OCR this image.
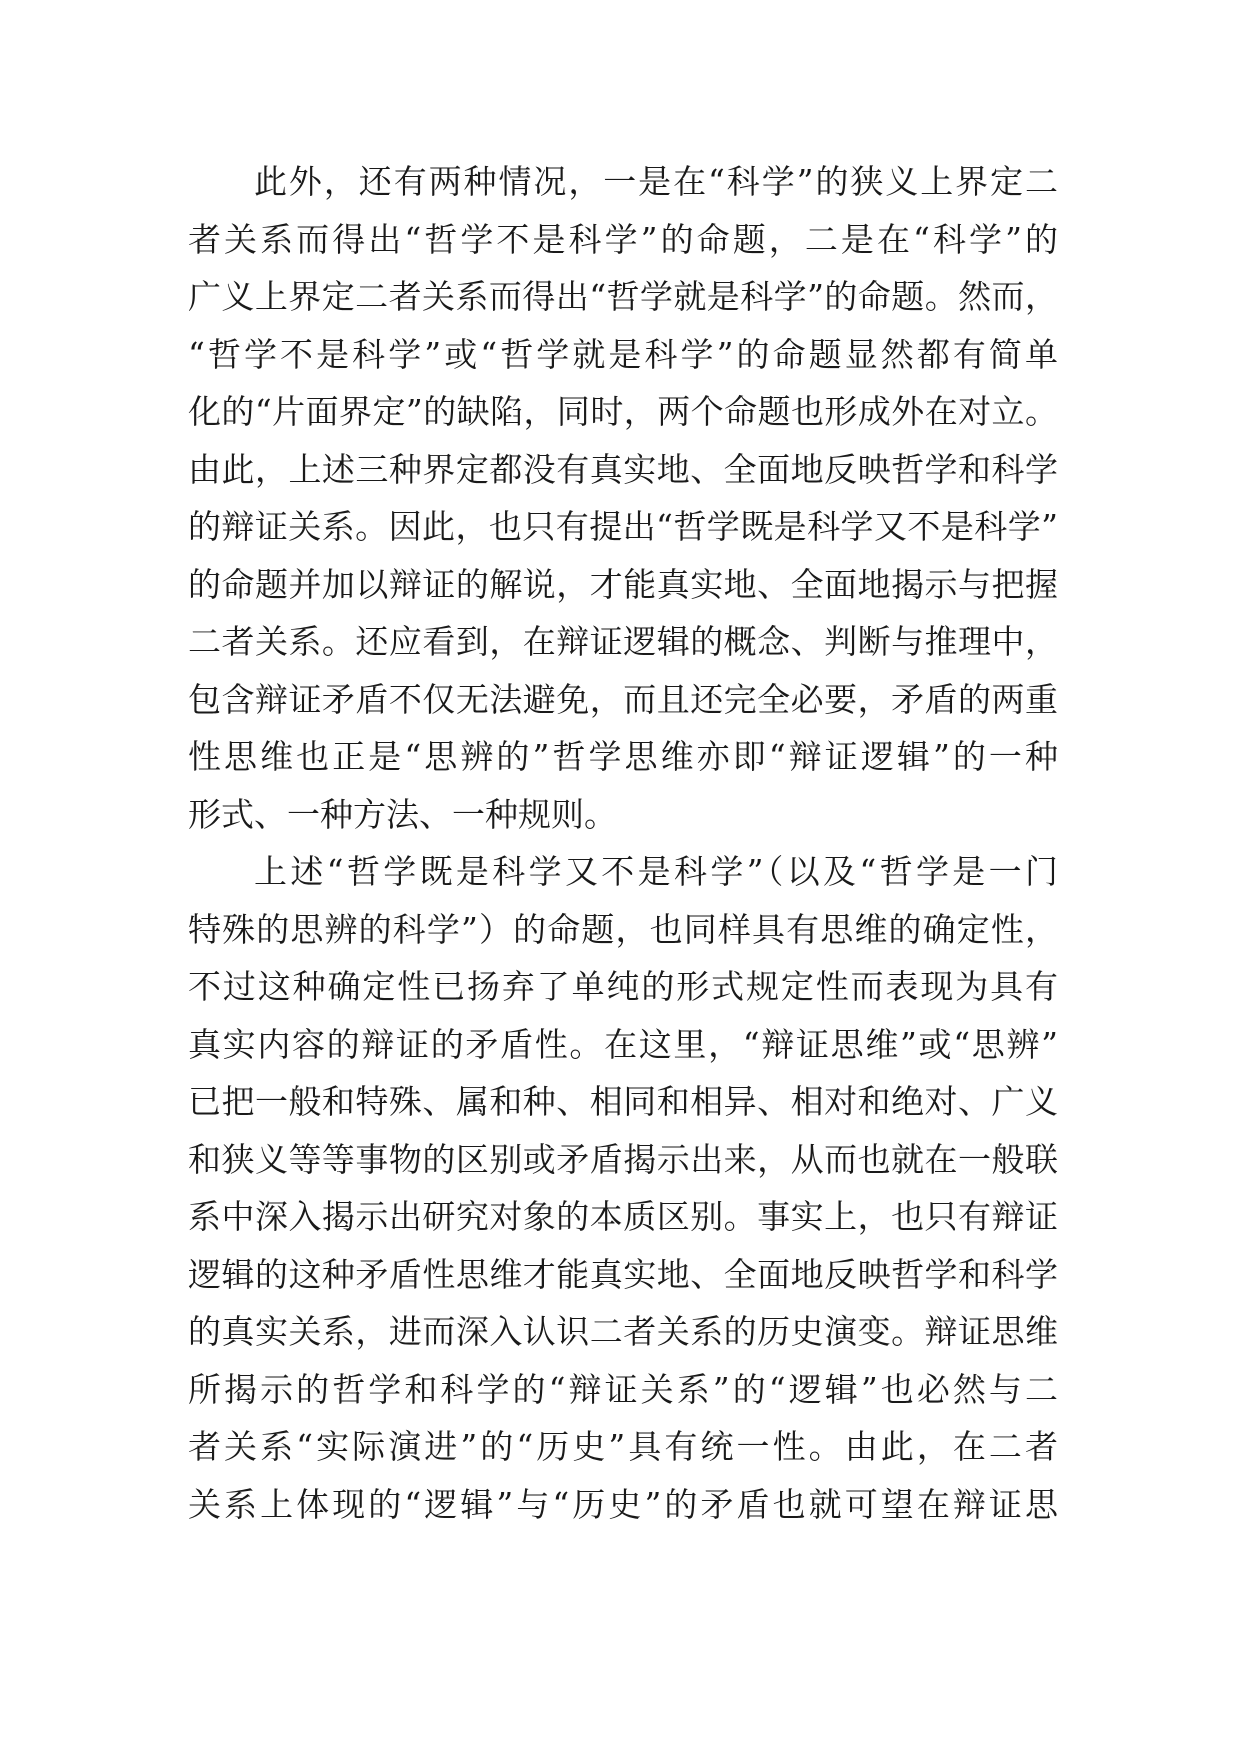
此外，还有两种情况，一是在“科学”的狭义上界定二
者关系而得出“哲学不是科学”的命题，二是在“科学”的
广义上界定二者关系而得出“哲学就是科学”的命题。然而，
“哲学不是科学”或“哲学就是科学”的命题显然都有简单
化的“片面界定”的缺陷，同时，两个命题也形成外在对立。
由此，上述三种界定都没有真实地、全面地反映哲学和科学
的辩证关系。因此，也只有提出“哲学既是科学又不是科学”
的命题并加以辩证的解说，才能真实地、全面地揭示与把握
二者关系。还应看到，在辩证逻辑的概念、判断与推理中，
包含辩证矛盾不仅无法避免，而且还完全必要，矛盾的两重
性思维也正是“思辨的”哲学思维亦即“辩证逻辑”的一种
形式、一种方法、一种规则。
上述“哲学既是科学又不是科学”（以及“哲学是一门
特殊的思辨的科学”）的命题，也同样具有思维的确定性，
不过这种确定性已扬弃了单纯的形式规定性而表现为具有
真实内容的辩证的矛盾性。在这里，“辩证思维”或“思辨”
已把一般和特殊、属和种、相同和相异、相对和绝对、广义
和狭义等等事物的区别或矛盾揭示出来，从而也就在一般联
系中深入揭示出研究对象的本质区别。事实上，也只有辩证
逻辑的这种矛盾性思维才能真实地、全面地反映哲学和科学
的真实关系，进而深入认识二者关系的历史演变。辩证思维
所揭示的哲学和科学的“辩证关系”的“逻辑”也必然与二
者关系“实际演进”的“历史”具有统一性。由此，在二者
关系上体现的“逻辑”与“历史”的矛盾也就可望在辩证思
